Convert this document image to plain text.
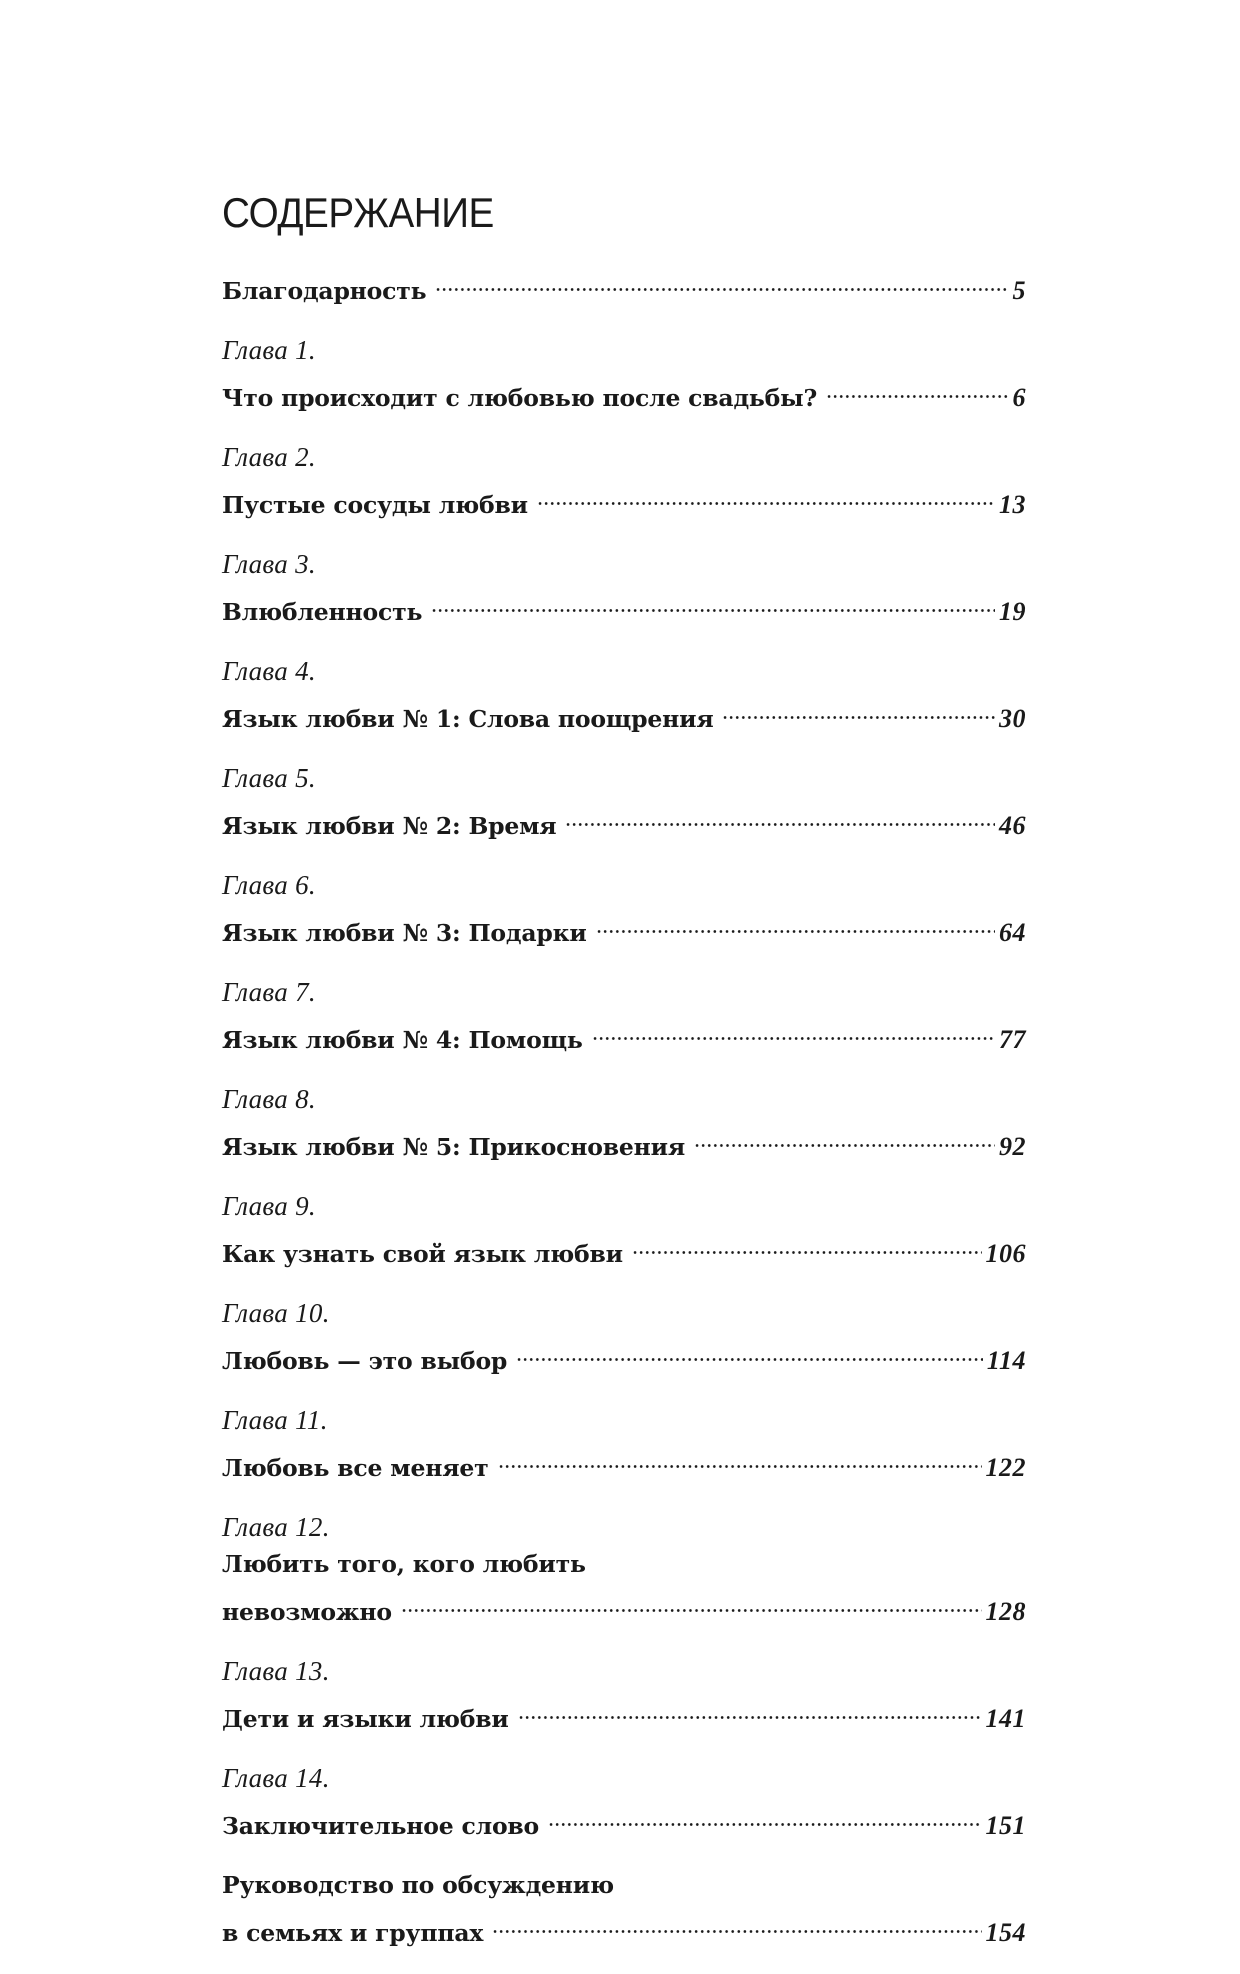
СОДЕРЖАНИЕ
Благодарность	5
Глава 1.
Что происходит с любовью после свадьбы?	6
Глава 2.
Пустые сосуды любви	13
Глава 3.
Влюбленность	19
Глава 4.
Язык любви № 1: Слова поощрения	30
Глава 5.
Язык любви № 2: Время	46
Глава 6.
Язык любви № 3: Подарки	64
Глава 7.
Язык любви № 4: Помощь	77
Глава 8.
Язык любви № 5: Прикосновения	92
Глава 9.
Как узнать свой язык любви	106
Глава 10.
Любовь — это выбор	114
Глава 11.
Любовь все меняет	122
Глава 12.
Любить того, кого любить
невозможно	128
Глава 13.
Дети и языки любви	141
Глава 14.
Заключительное слово	151
Руководство по обсуждению
в семьях и группах	154
